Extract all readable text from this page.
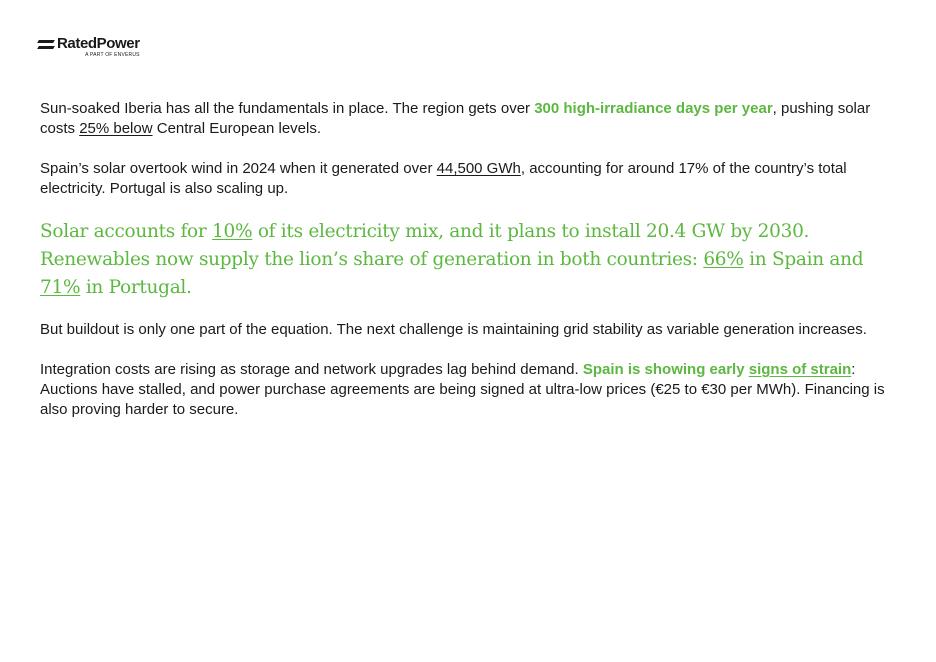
RatedPower
A PART OF ENVERUS

Sun-soaked Iberia has all the fundamentals in place. The region gets over 300 high-irradiance days per year, pushing solar costs 25% below Central European levels.

Spain’s solar overtook wind in 2024 when it generated over 44,500 GWh, accounting for around 17% of the country’s total electricity. Portugal is also scaling up.

Solar accounts for 10% of its electricity mix, and it plans to install 20.4 GW by 2030. Renewables now supply the lion’s share of generation in both countries: 66% in Spain and 71% in Portugal.

But buildout is only one part of the equation. The next challenge is maintaining grid stability as variable generation increases.

Integration costs are rising as storage and network upgrades lag behind demand. Spain is showing early signs of strain: Auctions have stalled, and power purchase agreements are being signed at ultra-low prices (€25 to €30 per MWh). Financing is also proving harder to secure.
